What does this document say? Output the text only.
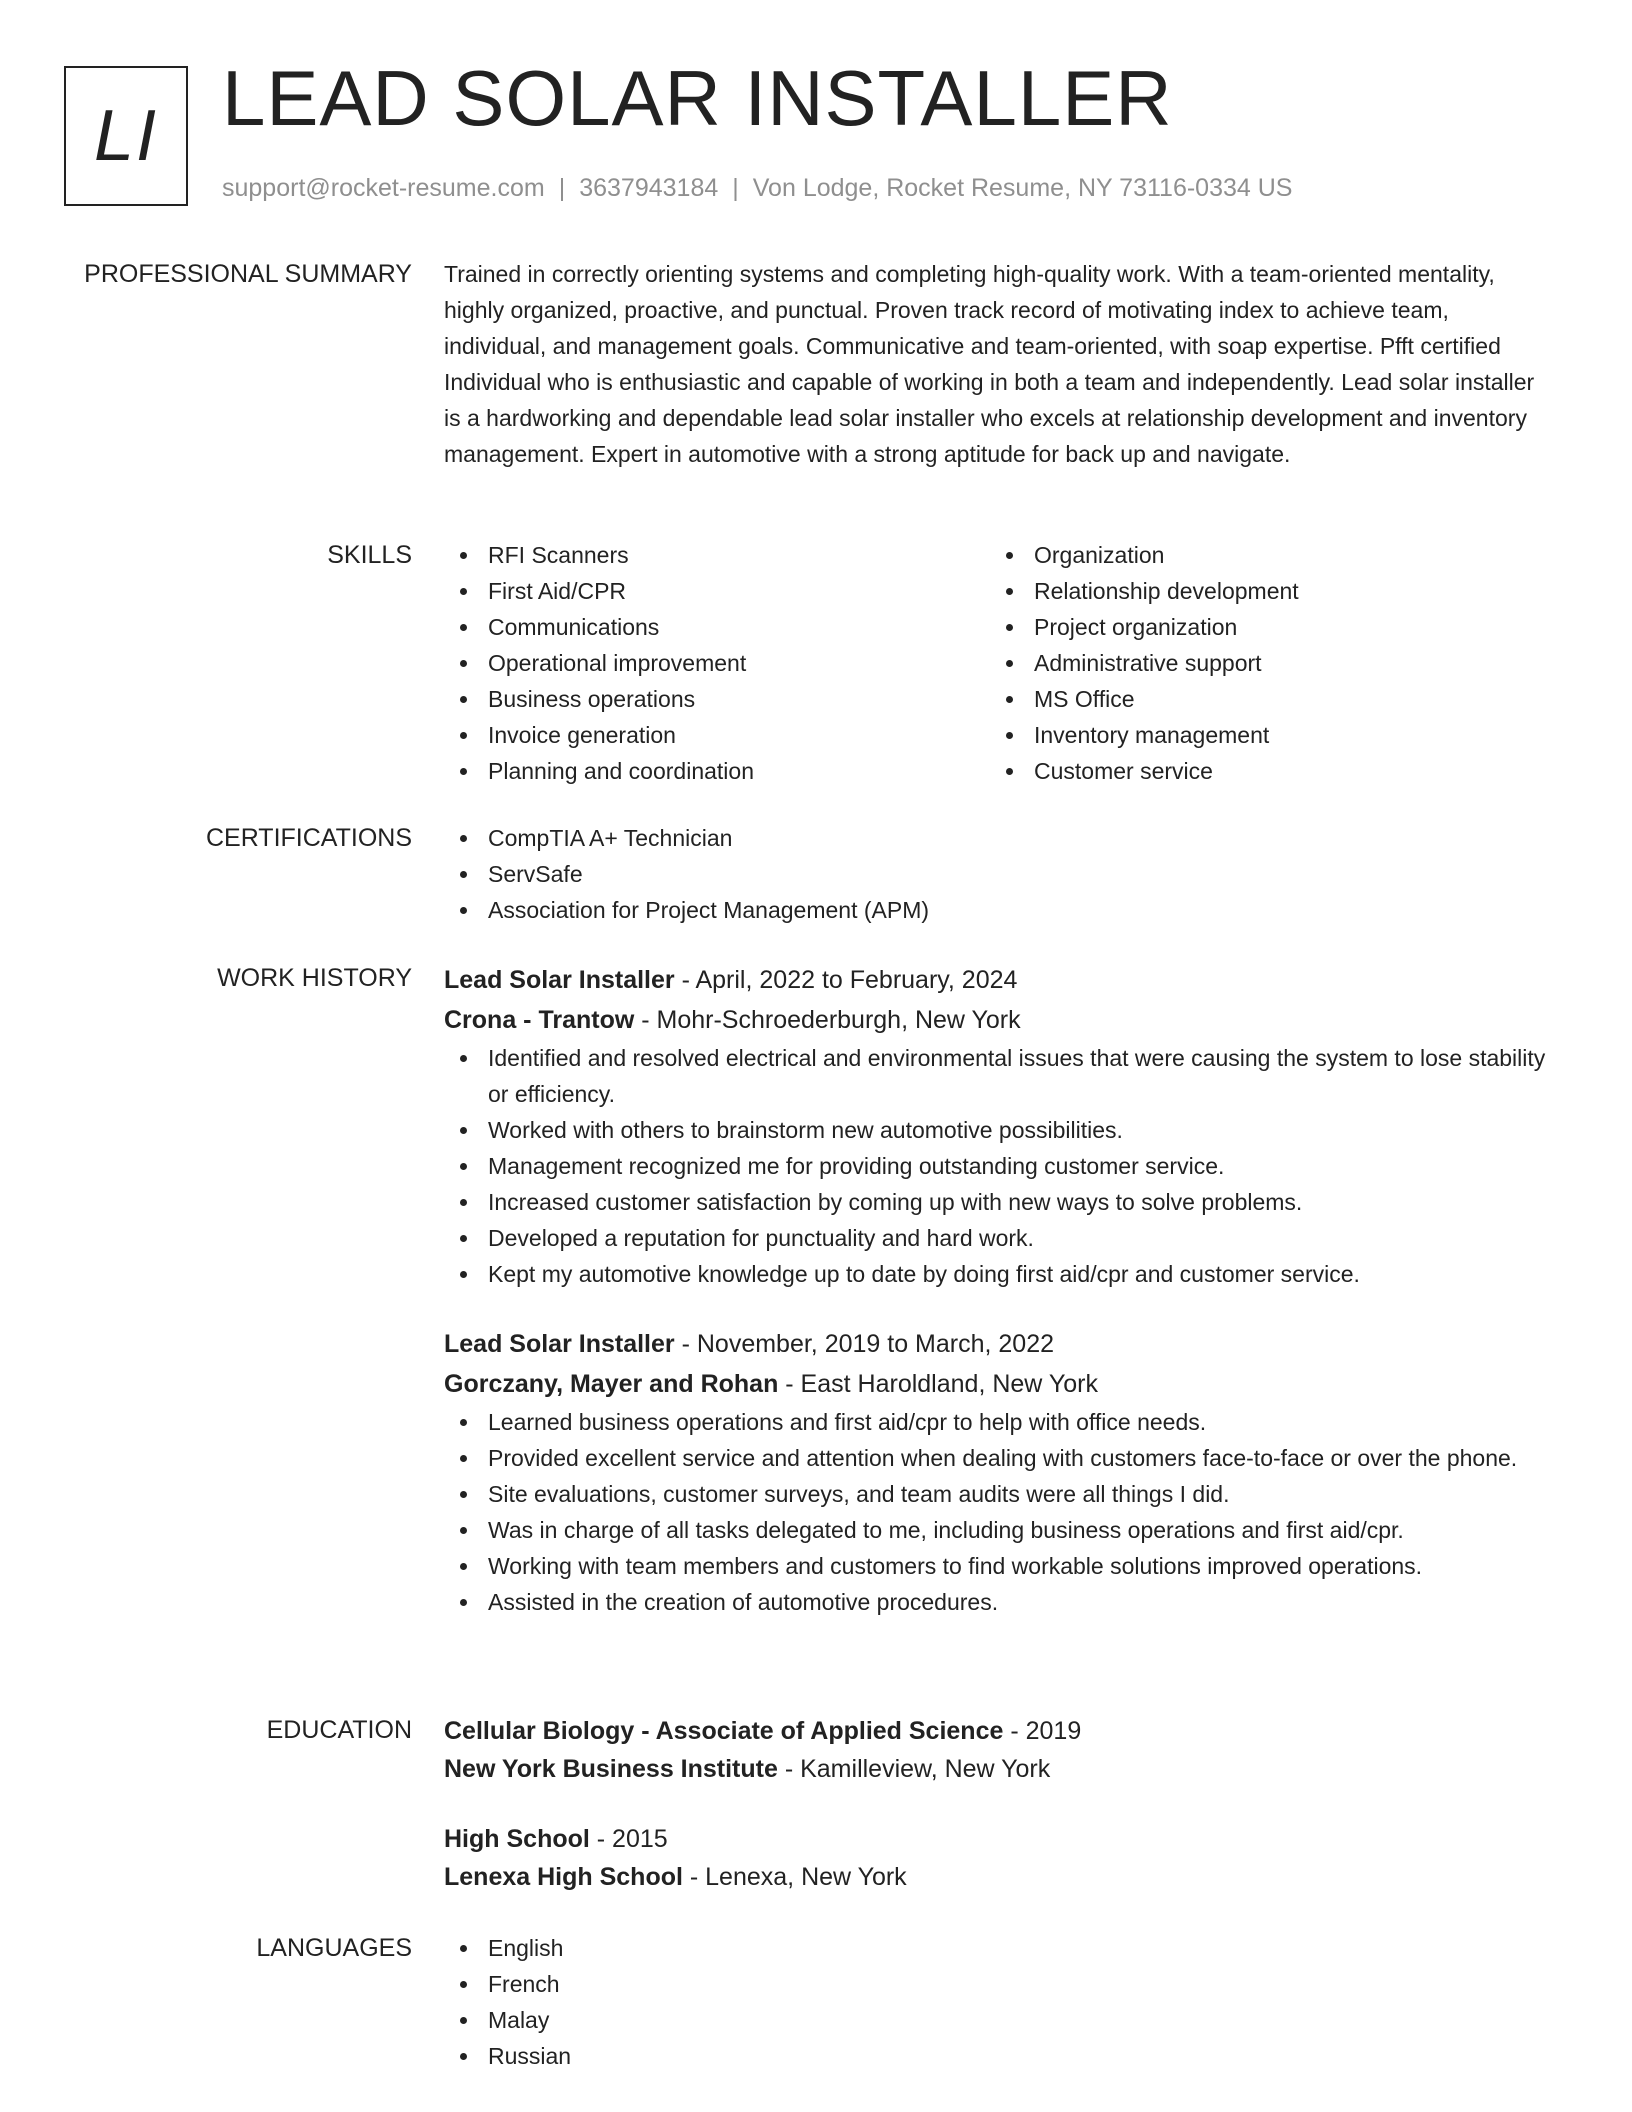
LI LEAD SOLAR INSTALLER
support@rocket-resume.com | 3637943184 | Von Lodge, Rocket Resume, NY 73116-0334 US
PROFESSIONAL SUMMARY Trained in correctly orienting systems and completing high-quality work. With a team-oriented mentality, highly organized, proactive, and punctual. Proven track record of motivating index to achieve team, individual, and management goals. Communicative and team-oriented, with soap expertise. Pfft certified Individual who is enthusiastic and capable of working in both a team and independently. Lead solar installer is a hardworking and dependable lead solar installer who excels at relationship development and inventory management. Expert in automotive with a strong aptitude for back up and navigate.
SKILLS	RFI Scanners
First Aid/CPR
Communications
Operational improvement
Business operations
Invoice generation
Planning and coordination
Organization
Relationship development
Project organization
Administrative support
MS Office
Inventory management
Customer service
CERTIFICATIONS	CompTIA A+ Technician
ServSafe
Association for Project Management (APM)
WORK HISTORY Lead Solar Installer - April, 2022 to February, 2024
Crona - Trantow - Mohr-Schroederburgh, New York
Identified and resolved electrical and environmental issues that were causing the system to lose stability or efficiency.
Worked with others to brainstorm new automotive possibilities.
Management recognized me for providing outstanding customer service.
Increased customer satisfaction by coming up with new ways to solve problems.
Developed a reputation for punctuality and hard work.
Kept my automotive knowledge up to date by doing first aid/cpr and customer service.
Lead Solar Installer - November, 2019 to March, 2022
Gorczany, Mayer and Rohan - East Haroldland, New York
Learned business operations and first aid/cpr to help with office needs.
Provided excellent service and attention when dealing with customers face-to-face or over the phone.
Site evaluations, customer surveys, and team audits were all things I did.
Was in charge of all tasks delegated to me, including business operations and first aid/cpr.
Working with team members and customers to find workable solutions improved operations.
Assisted in the creation of automotive procedures.
EDUCATION Cellular Biology - Associate of Applied Science - 2019
New York Business Institute - Kamilleview, New York
High School - 2015
Lenexa High School - Lenexa, New York
LANGUAGES	English
French
Malay
Russian
